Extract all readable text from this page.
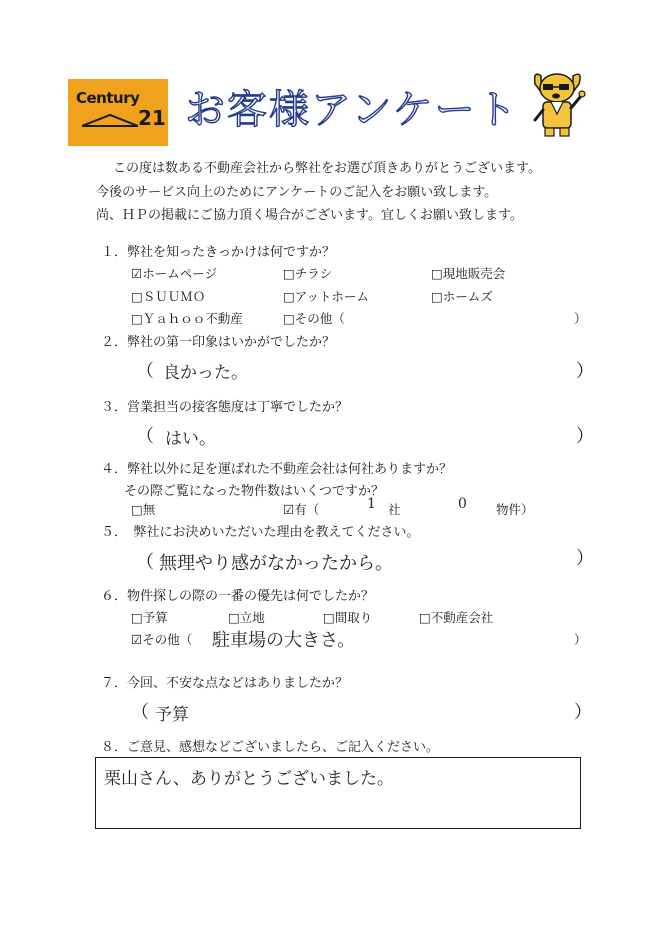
Century
21 お客様アンケート
この度は数ある不動産会社から弊社をお選び頂きありがとうございます。
今後のサービス向上のためにアンケートのご記入をお願い致します。
尚、ＨＰの掲載にご協力頂く場合がございます。宜しくお願い致します。
１．弊社を知ったきっかけは何ですか？
☑ホームページ	□チラシ	□現地販売会
□ＳＵＵＭＯ	□アットホーム	□ホームズ
□Ｙａｈｏｏ不動産	□その他（	）
２．弊社の第一印象はいかがでしたか？
（ 良かった。	）
３．営業担当の接客態度は丁寧でしたか？
（ はい。	）
４．弊社以外に足を運ばれた不動産会社は何社ありますか？
その際ご覧になった物件数はいくつですか？
□無	☑有（	1 社	0 物件）
５．　弊社にお決めいただいた理由を教えてください。
（ 無理やり感がなかったから。	）
６．物件探しの際の一番の優先は何でしたか？
□予算	□立地	□間取り	□不動産会社
☑その他（ 駐車場の大きさ。	）
７．今回、不安な点などはありましたか？
（ 予算	）
８．ご意見、感想などございましたら、ご記入ください。
栗山さん、ありがとうございました。
